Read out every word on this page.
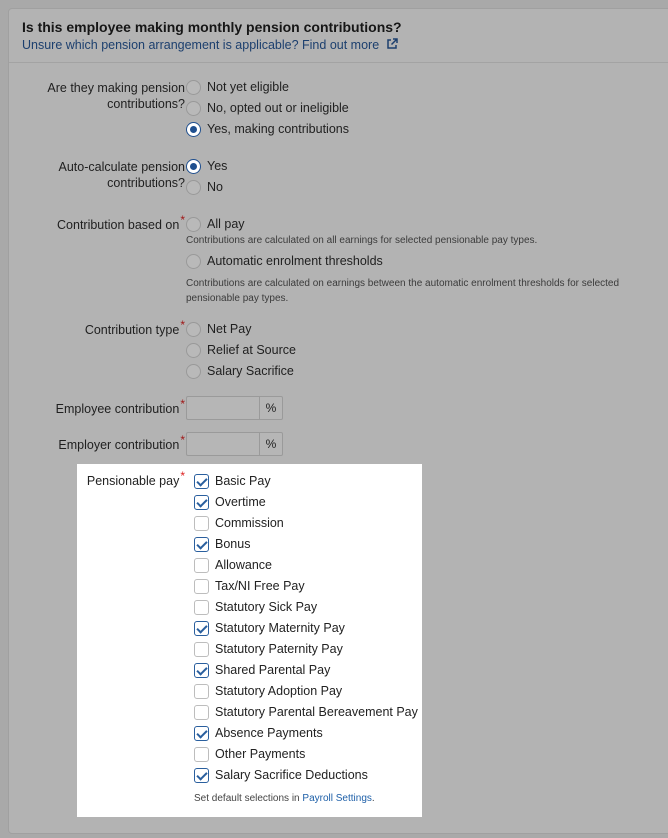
Is this employee making monthly pension contributions?
Unsure which pension arrangement is applicable? Find out more
Are they making pension contributions?
Not yet eligible
No, opted out or ineligible
Yes, making contributions
Auto-calculate pension contributions?
Yes
No
Contribution based on* All pay
Contributions are calculated on all earnings for selected pensionable pay types.
Automatic enrolment thresholds
Contributions are calculated on earnings between the automatic enrolment thresholds for selected pensionable pay types.
Contribution type* Net Pay
Relief at Source
Salary Sacrifice
Employee contribution*	%
Employer contribution*	%
Pensionable pay* Basic Pay
Overtime
Commission
Bonus
Allowance
Tax/NI Free Pay
Statutory Sick Pay
Statutory Maternity Pay
Statutory Paternity Pay
Shared Parental Pay
Statutory Adoption Pay
Statutory Parental Bereavement Pay
Absence Payments
Other Payments
Salary Sacrifice Deductions
Set default selections in Payroll Settings.
